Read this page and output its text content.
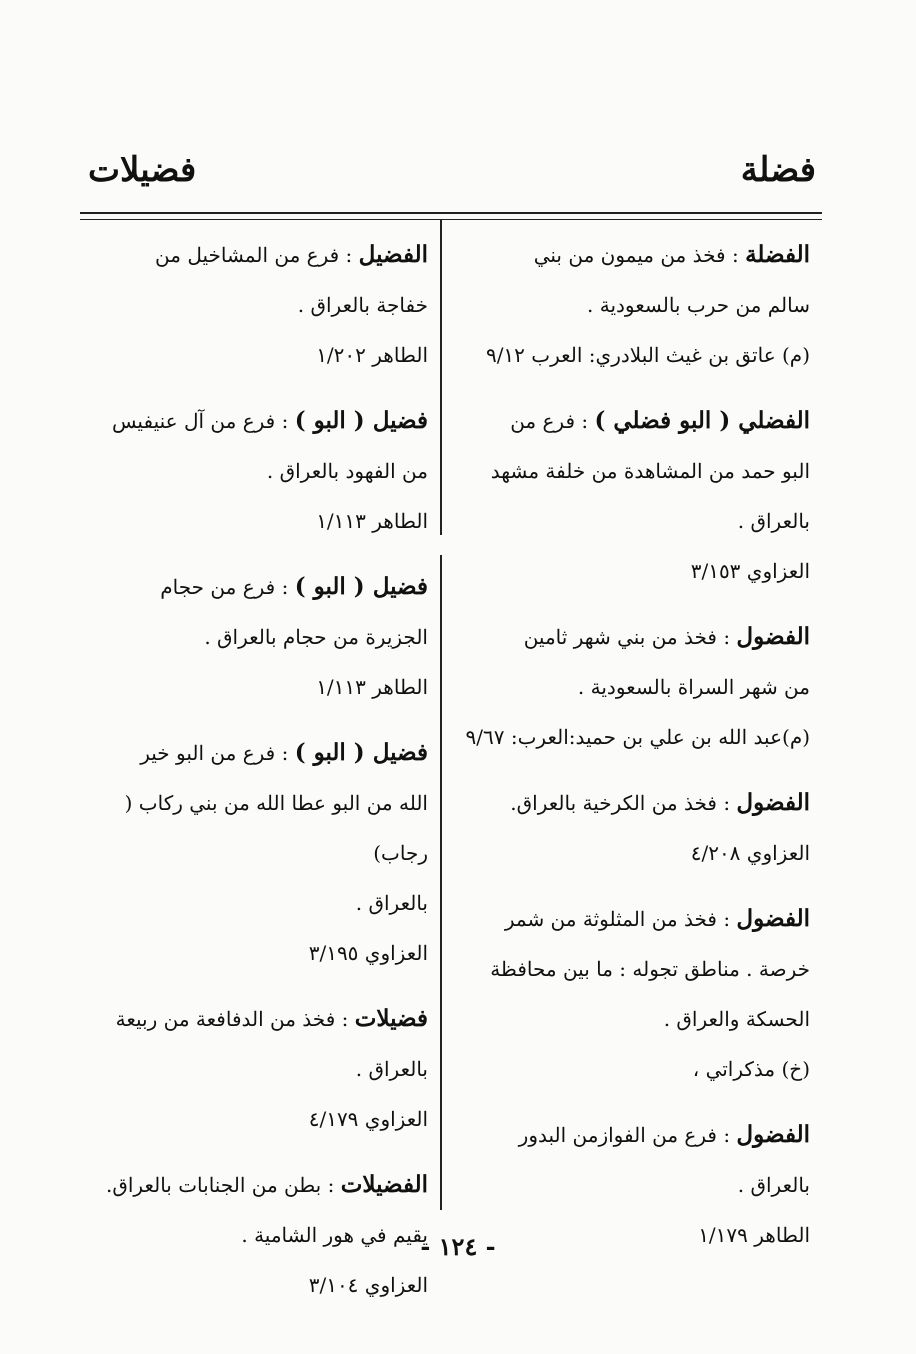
فضلة
فضيلات

الفضلة : فخذ من ميمون من بني

سالم من حرب بالسعودية .

(م) عاتق بن غيث البلادري: العرب ٩/١٢

الفضلي ( البو فضلي ) : فرع من

البو حمد من المشاهدة من خلفة مشهد

بالعراق .

العزاوي ٣/١٥٣

الفضول : فخذ من بني شهر ثامين

من شهر السراة بالسعودية .

(م)عبد الله بن علي بن حميد:العرب: ٩/٦٧

الفضول : فخذ من الكرخية بالعراق.

العزاوي ٤/٢٠٨

الفضول : فخذ من المثلوثة من شمر

خرصة . مناطق تجوله : ما بين محافظة

الحسكة والعراق .

(خ) مذكراتي ،

الفضول : فرع من الفوازمن البدور

بالعراق .

الطاهر ١/١٧٩

الفضيل : فرع من المشاخيل من

خفاجة بالعراق .

الطاهر ١/٢٠٢

فضيل ( البو ) : فرع من آل عنيفيس

من الفهود بالعراق .

الطاهر ١/١١٣

فضيل ( البو ) : فرع من حجام

الجزيرة من حجام بالعراق .

الطاهر ١/١١٣

فضيل ( البو ) : فرع من البو خير

الله من البو عطا الله من بني ركاب ( رجاب)

بالعراق .

العزاوي ٣/١٩٥

فضيلات : فخذ من الدفافعة من ربيعة

بالعراق .

العزاوي ٤/١٧٩

الفضيلات : بطن من الجنابات بالعراق.

يقيم في هور الشامية .

العزاوي ٣/١٠٤

- ١٢٤ -
